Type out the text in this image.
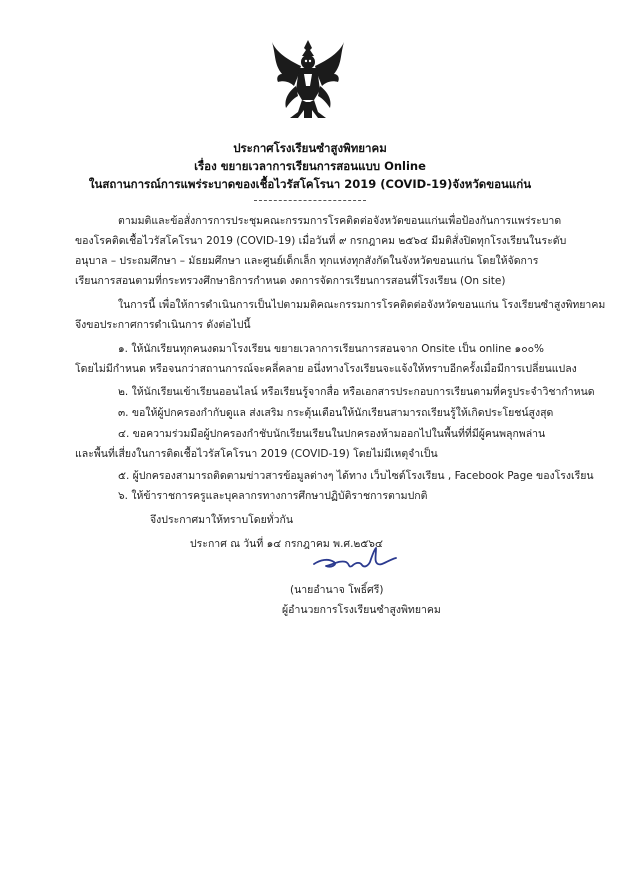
ประกาศโรงเรียนซำสูงพิทยาคม
เรื่อง ขยายเวลาการเรียนการสอนแบบ Online
ในสถานการณ์การแพร่ระบาดของเชื้อไวรัสโคโรนา 2019 (COVID-19)จังหวัดขอนแก่น
ตามมติและข้อสั่งการการประชุมคณะกรรมการโรคติดต่อจังหวัดขอนแก่นเพื่อป้องกันการแพร่ระบาด
ของโรคติดเชื้อไวรัสโคโรนา 2019 (COVID-19) เมื่อวันที่ ๙ กรกฎาคม ๒๕๖๔ มีมติสั่งปิดทุกโรงเรียนในระดับ
อนุบาล – ประถมศึกษา – มัธยมศึกษา และศูนย์เด็กเล็ก ทุกแห่งทุกสังกัดในจังหวัดขอนแก่น โดยให้จัดการ
เรียนการสอนตามที่กระทรวงศึกษาธิการกำหนด งดการจัดการเรียนการสอนที่โรงเรียน (On site)
ในการนี้ เพื่อให้การดำเนินการเป็นไปตามมติคณะกรรมการโรคติดต่อจังหวัดขอนแก่น โรงเรียนซำสูงพิทยาคม
จึงขอประกาศการดำเนินการ ดังต่อไปนี้
๑. ให้นักเรียนทุกคนงดมาโรงเรียน ขยายเวลาการเรียนการสอนจาก Onsite เป็น online ๑๐๐%
โดยไม่มีกำหนด หรือจนกว่าสถานการณ์จะคลี่คลาย อนึ่งทางโรงเรียนจะแจ้งให้ทราบอีกครั้งเมื่อมีการเปลี่ยนแปลง
๒. ให้นักเรียนเข้าเรียนออนไลน์ หรือเรียนรู้จากสื่อ หรือเอกสารประกอบการเรียนตามที่ครูประจำวิชากำหนด
๓. ขอให้ผู้ปกครองกำกับดูแล ส่งเสริม กระตุ้นเตือนให้นักเรียนสามารถเรียนรู้ให้เกิดประโยชน์สูงสุด
๔. ขอความร่วมมือผู้ปกครองกำชับนักเรียนเรียนในปกครองห้ามออกไปในพื้นที่ที่มีผู้คนพลุกพล่าน
และพื้นที่เสี่ยงในการติดเชื้อไวรัสโคโรนา 2019 (COVID-19) โดยไม่มีเหตุจำเป็น
๕. ผู้ปกครองสามารถติดตามข่าวสารข้อมูลต่างๆ ได้ทาง เว็บไซต์โรงเรียน , Facebook Page ของโรงเรียน
๖. ให้ข้าราชการครูและบุคลากรทางการศึกษาปฏิบัติราชการตามปกติ
จึงประกาศมาให้ทราบโดยทั่วกัน
ประกาศ ณ วันที่ ๑๔ กรกฎาคม พ.ศ.๒๕๖๔
(นายอำนาจ โพธิ์ศรี)
ผู้อำนวยการโรงเรียนซำสูงพิทยาคม
